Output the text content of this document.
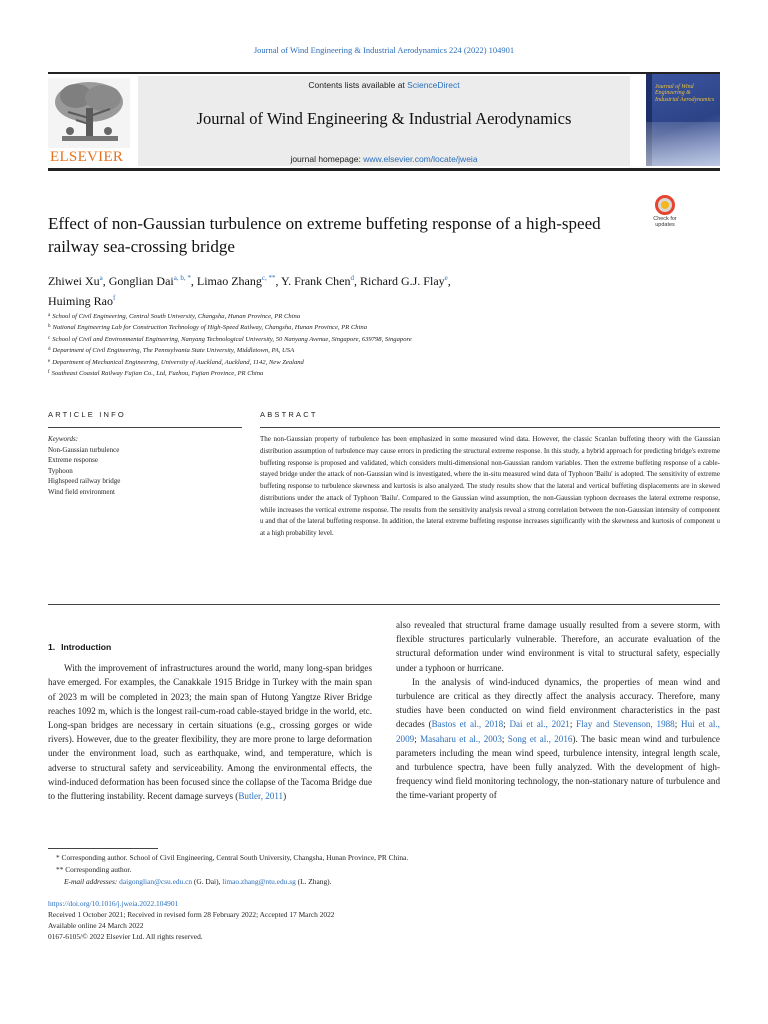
Journal of Wind Engineering & Industrial Aerodynamics 224 (2022) 104901
ELSEVIER
Contents lists available at ScienceDirect
Journal of Wind Engineering & Industrial Aerodynamics
journal homepage: www.elsevier.com/locate/jweia
Journal of Wind Engineering & Industrial Aerodynamics
Effect of non-Gaussian turbulence on extreme buffeting response of a high-speed railway sea-crossing bridge
Check for updates
Zhiwei Xu$^a$, Gonglian Dai$^{a, b, *}$, Limao Zhang$^{c, **}$, Y. Frank Chen$^d$, Richard G.J. Flay$^e$,
Huiming Rao$^f$
$^a$ School of Civil Engineering, Central South University, Changsha, Hunan Province, PR China
$^b$ National Engineering Lab for Construction Technology of High-Speed Railway, Changsha, Hunan Province, PR China
$^c$ School of Civil and Environmental Engineering, Nanyang Technological University, 50 Nanyang Avenue, Singapore, 639798, Singapore
$^d$ Department of Civil Engineering, The Pennsylvania State University, Middletown, PA, USA
$^e$ Department of Mechanical Engineering, University of Auckland, Auckland, 1142, New Zealand
$^f$ Southeast Coastal Railway Fujian Co., Ltd, Fuzhou, Fujian Province, PR China
ARTICLE INFO	ABSTRACT
Keywords:
Non-Gaussian turbulence
Extreme response
Typhoon
Highspeed railway bridge
Wind field environment
The non-Gaussian property of turbulence has been emphasized in some measured wind data. However, the classic Scanlan buffeting theory with the Gaussian distribution assumption of turbulence may cause errors in predicting the structural extreme response. In this study, a hybrid approach for predicting bridge's extreme buffeting response is proposed and validated, which considers multi-dimensional non-Gaussian random variables. Then the extreme buffeting response of a cable-stayed bridge under the attack of non-Gaussian wind is investigated, where the in-situ measured wind data of Typhoon 'Bailu' is adopted. The sensitivity of extreme buffeting response to turbulence skewness and kurtosis is also analyzed. The study results show that the lateral and vertical buffeting displacements are in skewed distributions under the attack of Typhoon 'Bailu'. Compared to the Gaussian wind assumption, the non-Gaussian typhoon decreases the lateral extreme response, while increases the vertical extreme response. The results from the sensitivity analysis reveal a strong correlation between the non-Gaussian intensity of component u and that of the lateral buffeting response. In addition, the lateral extreme buffeting response increases significantly with the skewness and kurtosis of component u at a high probability level.
1. Introduction

With the improvement of infrastructures around the world, many long-span bridges have emerged. For examples, the Canakkale 1915 Bridge in Turkey with the main span of 2023 m will be completed in 2023; the main span of Hutong Yangtze River Bridge reaches 1092 m, which is the longest rail-cum-road cable-stayed bridge in the world, etc. Long-span bridges are necessary in certain situations (e.g., crossing gorges or wide rivers). However, due to the greater flexibility, they are more prone to large deformation under the environment load, such as earthquake, wind, and temperature, which is adverse to structural safety and serviceability. Among the environmental effects, the wind-induced deformation has been focused since the collapse of the Tacoma Bridge due to the fluttering instability. Recent damage surveys (Butler, 2011)

also revealed that structural frame damage usually resulted from a severe storm, with flexible structures particularly vulnerable. Therefore, an accurate evaluation of the structural deformation under wind environment is vital to structural safety, especially under a typhoon or hurricane.

In the analysis of wind-induced dynamics, the properties of mean wind and turbulence are critical as they directly affect the analysis accuracy. Therefore, many studies have been conducted on wind field environment characteristics in the past decades (Bastos et al., 2018; Dai et al., 2021; Flay and Stevenson, 1988; Hui et al., 2009; Masaharu et al., 2003; Song et al., 2016). The basic mean wind and turbulence parameters including the mean wind speed, turbulence intensity, integral length scale, and turbulence spectra, have been fully analyzed. With the development of high-frequency wind field monitoring technology, the non-stationary nature of turbulence and the time-variant property of

* Corresponding author. School of Civil Engineering, Central South University, Changsha, Hunan Province, PR China.
** Corresponding author.
E-mail addresses: daigonglian@csu.edu.cn (G. Dai), limao.zhang@ntu.edu.sg (L. Zhang).
https://doi.org/10.1016/j.jweia.2022.104901
Received 1 October 2021; Received in revised form 28 February 2022; Accepted 17 March 2022
Available online 24 March 2022
0167-6105/© 2022 Elsevier Ltd. All rights reserved.
